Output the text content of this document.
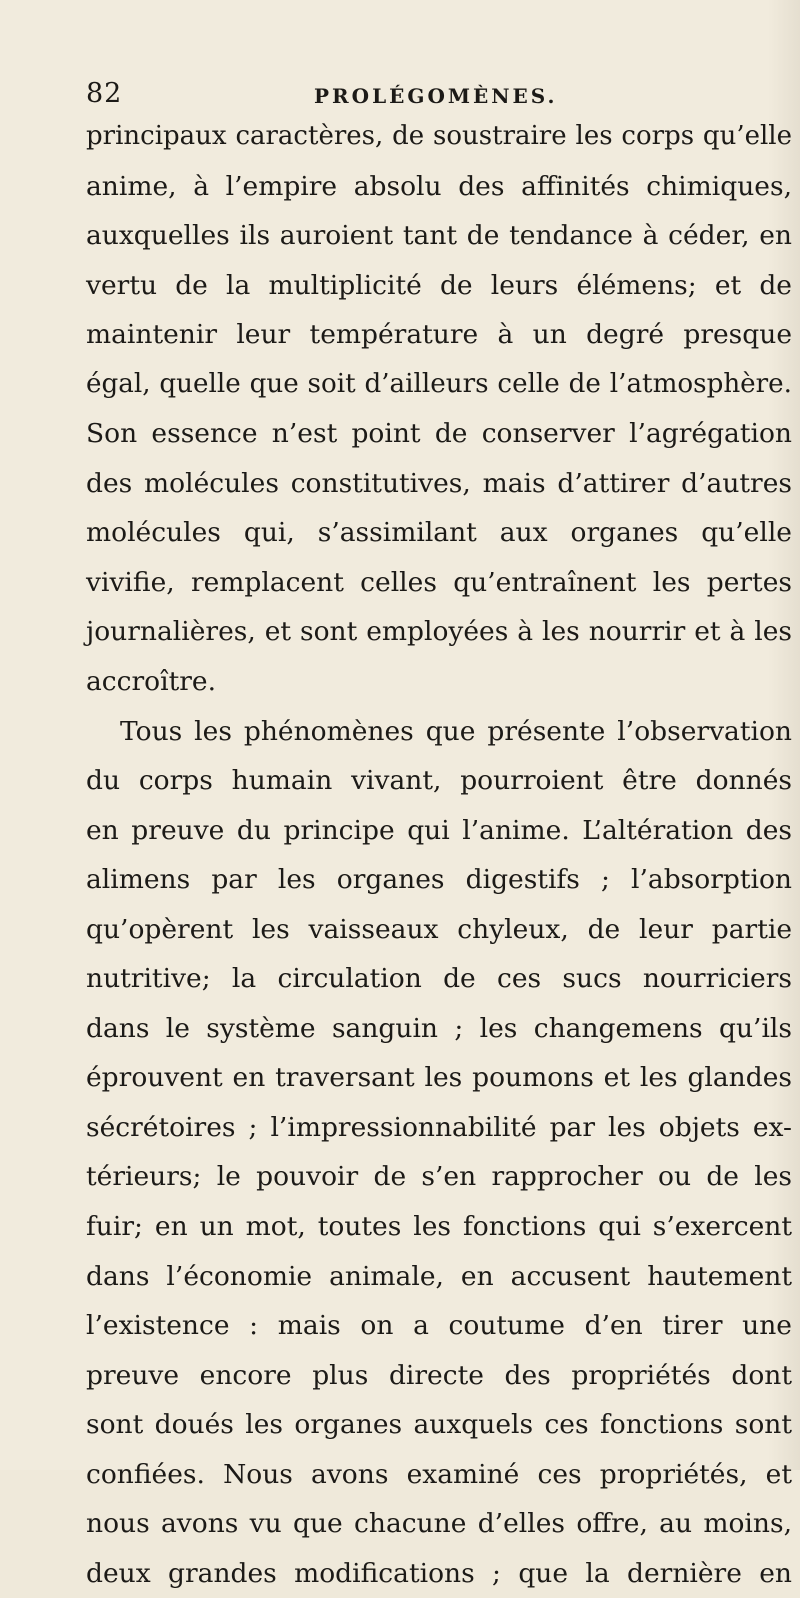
82	PROLÉGOMÈNES.
principaux caractères, de soustraire les corps qu’elle
anime, à l’empire absolu des affinités chimiques,
auxquelles ils auroient tant de tendance à céder, en
vertu de la multiplicité de leurs élémens; et de
maintenir leur température à un degré presque
égal, quelle que soit d’ailleurs celle de l’atmosphère.
Son essence n’est point de conserver l’agrégation
des molécules constitutives, mais d’attirer d’autres
molécules qui, s’assimilant aux organes qu’elle
vivifie, remplacent celles qu’entraînent les pertes
journalières, et sont employées à les nourrir et à les
accroître.
Tous les phénomènes que présente l’observation
du corps humain vivant, pourroient être donnés
en preuve du principe qui l’anime. L’altération des
alimens par les organes digestifs ; l’absorption
qu’opèrent les vaisseaux chyleux, de leur partie
nutritive; la circulation de ces sucs nourriciers
dans le système sanguin ; les changemens qu’ils
éprouvent en traversant les poumons et les glandes
sécrétoires ; l’impressionnabilité par les objets ex-
térieurs; le pouvoir de s’en rapprocher ou de les
fuir; en un mot, toutes les fonctions qui s’exercent
dans l’économie animale, en accusent hautement
l’existence : mais on a coutume d’en tirer une
preuve encore plus directe des propriétés dont
sont doués les organes auxquels ces fonctions sont
confiées. Nous avons examiné ces propriétés, et
nous avons vu que chacune d’elles offre, au moins,
deux grandes modifications ; que la dernière en
